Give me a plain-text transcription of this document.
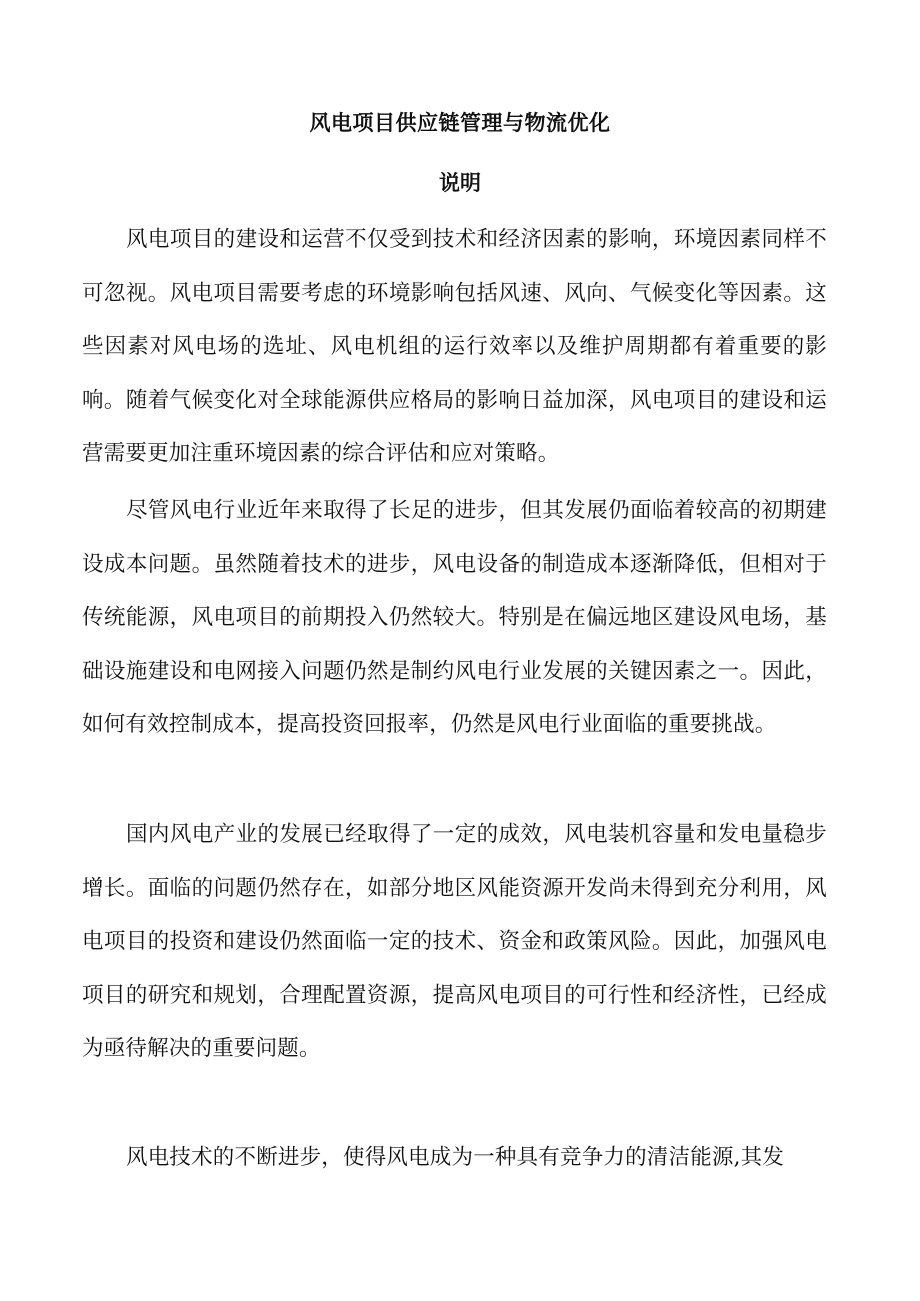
风电项目供应链管理与物流优化
说明

风电项目的建设和运营不仅受到技术和经济因素的影响，环境因素同样不可忽视。风电项目需要考虑的环境影响包括风速、风向、气候变化等因素。这些因素对风电场的选址、风电机组的运行效率以及维护周期都有着重要的影响。随着气候变化对全球能源供应格局的影响日益加深，风电项目的建设和运营需要更加注重环境因素的综合评估和应对策略。

尽管风电行业近年来取得了长足的进步，但其发展仍面临着较高的初期建设成本问题。虽然随着技术的进步，风电设备的制造成本逐渐降低，但相对于传统能源，风电项目的前期投入仍然较大。特别是在偏远地区建设风电场，基础设施建设和电网接入问题仍然是制约风电行业发展的关键因素之一。因此，如何有效控制成本，提高投资回报率，仍然是风电行业面临的重要挑战。

国内风电产业的发展已经取得了一定的成效，风电装机容量和发电量稳步增长。面临的问题仍然存在，如部分地区风能资源开发尚未得到充分利用，风电项目的投资和建设仍然面临一定的技术、资金和政策风险。因此，加强风电项目的研究和规划，合理配置资源，提高风电项目的可行性和经济性，已经成为亟待解决的重要问题。

风电技术的不断进步，使得风电成为一种具有竞争力的清洁能源,其发
